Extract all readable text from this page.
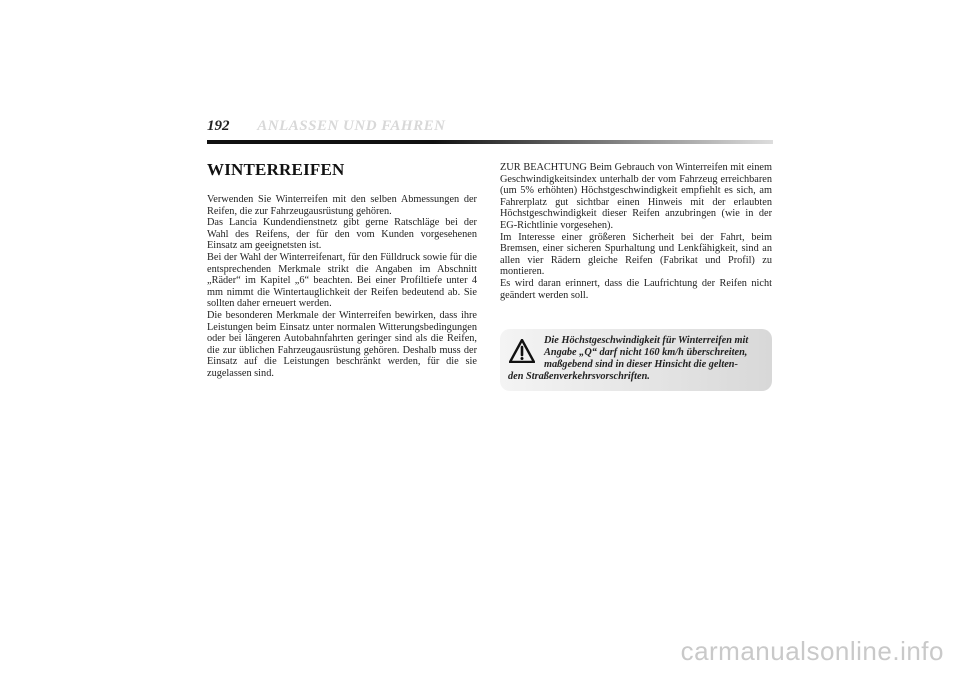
192 ANLASSEN UND FAHREN
WINTERREIFEN

Verwenden Sie Winterreifen mit den selben Abmessungen der Reifen, die zur Fahrzeugausrüstung gehören.

Das Lancia Kundendienstnetz gibt gerne Ratschläge bei der Wahl des Reifens, der für den vom Kunden vorgesehenen Einsatz am geeignetsten ist.

Bei der Wahl der Winterreifenart, für den Fülldruck sowie für die entsprechenden Merkmale strikt die Angaben im Abschnitt „Räder“ im Kapitel „6“ beachten. Bei einer Profiltiefe unter 4 mm nimmt die Wintertauglichkeit der Reifen bedeutend ab. Sie sollten daher erneuert werden.

Die besonderen Merkmale der Winterreifen bewirken, dass ihre Leistungen beim Einsatz unter normalen Witterungsbedingungen oder bei längeren Autobahnfahrten geringer sind als die Reifen, die zur üblichen Fahrzeugausrüstung gehören. Deshalb muss der Einsatz auf die Leistungen beschränkt werden, für die sie zugelassen sind.

ZUR BEACHTUNG Beim Gebrauch von Winterreifen mit einem Geschwindigkeitsindex unterhalb der vom Fahrzeug erreichbaren (um 5% erhöhten) Höchstgeschwindigkeit empfiehlt es sich, am Fahrerplatz gut sichtbar einen Hinweis mit der erlaubten Höchstgeschwindigkeit dieser Reifen anzubringen (wie in der EG-Richtlinie vorgesehen).

Im Interesse einer größeren Sicherheit bei der Fahrt, beim Bremsen, einer sicheren Spurhaltung und Lenkfähigkeit, sind an allen vier Rädern gleiche Reifen (Fabrikat und Profil) zu montieren.

Es wird daran erinnert, dass die Laufrichtung der Reifen nicht geändert werden soll.

Die Höchstgeschwindigkeit für Winterreifen mit
Angabe „Q“ darf nicht 160 km/h überschreiten,
maßgebend sind in dieser Hinsicht die gelten-
den Straßenverkehrsvorschriften.
carmanualsonline.info
